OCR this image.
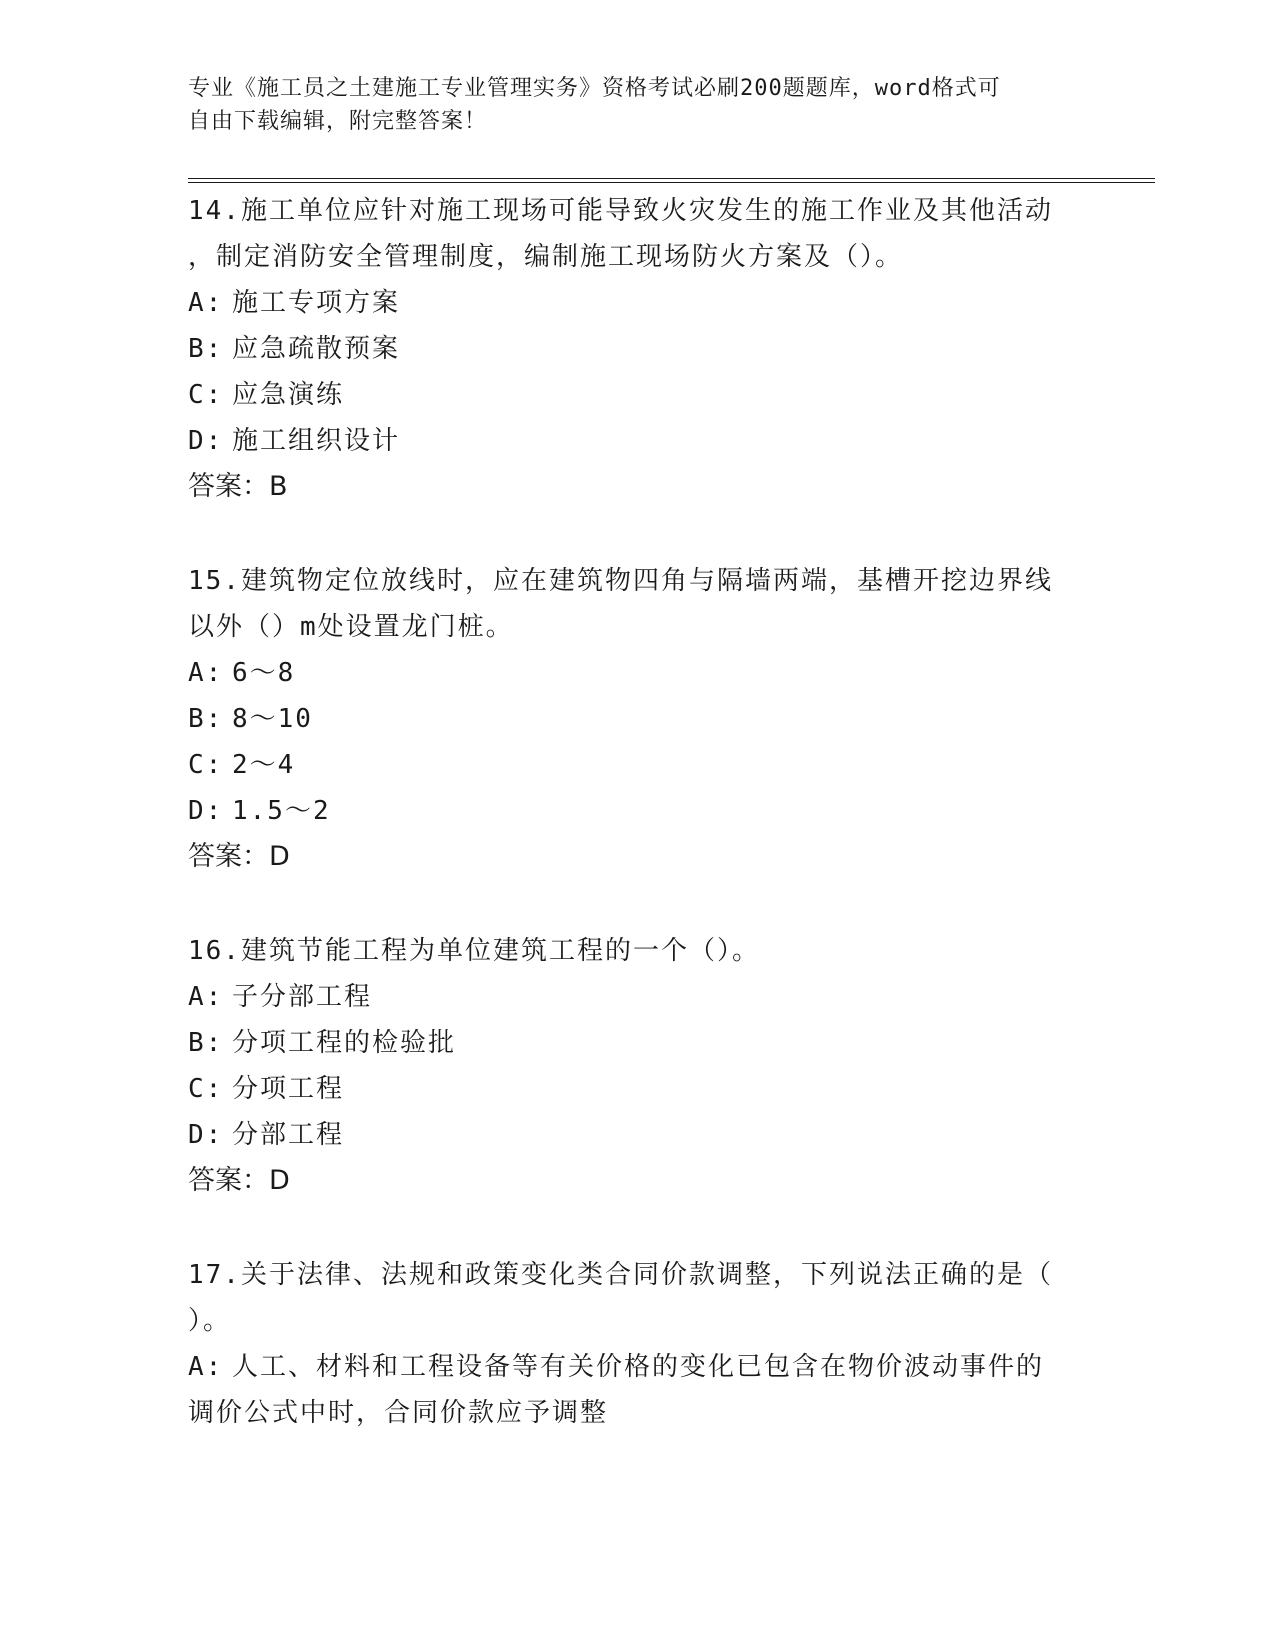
专业《施工员之土建施工专业管理实务》资格考试必刷200题题库，word格式可
自由下载编辑，附完整答案！

14.施工单位应针对施工现场可能导致火灾发生的施工作业及其他活动

，制定消防安全管理制度，编制施工现场防火方案及（）。

A: 施工专项方案

B: 应急疏散预案

C: 应急演练

D: 施工组织设计

答案：B

15.建筑物定位放线时，应在建筑物四角与隔墙两端，基槽开挖边界线

以外（）m处设置龙门桩。

A: 6～8

B: 8～10

C: 2～4

D: 1.5～2

答案：D

16.建筑节能工程为单位建筑工程的一个（）。

A: 子分部工程

B: 分项工程的检验批

C: 分项工程

D: 分部工程

答案：D

17.关于法律、法规和政策变化类合同价款调整，下列说法正确的是（

）。

A: 人工、材料和工程设备等有关价格的变化已包含在物价波动事件的

调价公式中时，合同价款应予调整
